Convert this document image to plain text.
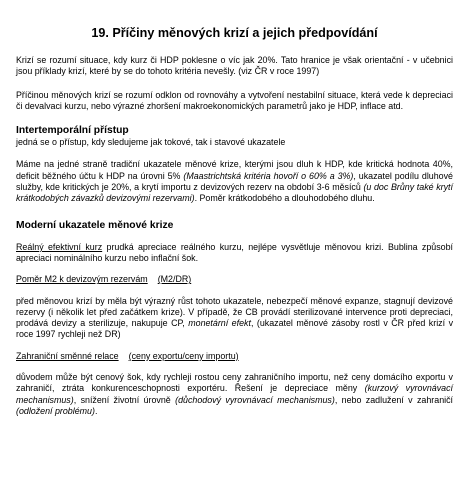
19. Příčiny měnových krizí a jejich předpovídání

Krizí se rozumí situace, kdy kurz či HDP poklesne o víc jak 20%. Tato hranice je však orientační - v učebnici jsou příklady krizí, které by se do tohoto kritéria nevešly. (viz ČR v roce 1997)

Příčinou měnových krizí se rozumí odklon od rovnováhy a vytvoření nestabilní situace, která vede k depreciaci či devalvaci kurzu, nebo výrazné zhoršení makroekonomických parametrů jako je HDP, inflace atd.

Intertemporální přístup

jedná se o přístup, kdy sledujeme jak tokové, tak i stavové ukazatele

Máme na jedné straně tradiční ukazatele měnové krize, kterými jsou dluh k HDP, kde kritická hodnota 40%, deficit běžného účtu k HDP na úrovni 5% (Maastrichtská kritéria hovoří o 60% a 3%), ukazatel podílu dluhové služby, kde kritických je 20%, a krytí importu z devizových rezerv na období 3-6 měsíců (u doc Brůny také krytí krátkodobých závazků devizovými rezervami). Poměr krátkodobého a dlouhodobého dluhu.

Moderní ukazatele měnové krize

Reálný efektivní kurz prudká apreciace reálného kurzu, nejlépe vysvětluje měnovou krizi. Bublina způsobí apreciaci nominálního kurzu nebo inflační šok.

Poměr M2 k devizovým rezervám (M2/DR)

před měnovou krizí by měla být výrazný růst tohoto ukazatele, nebezpečí měnové expanze, stagnují devizové rezervy (i několik let před začátkem krize). V případě, že CB provádí sterilizované intervence proti depreciaci, prodává devizy a sterilizuje, nakupuje CP, monetární efekt, (ukazatel měnové zásoby rostl v ČR před krizí v roce 1997 rychleji než DR)

Zahraniční směnné relace (ceny exportu/ceny importu)

důvodem může být cenový šok, kdy rychleji rostou ceny zahraničního importu, než ceny domácího exportu v zahraničí, ztráta konkurenceschopnosti exportéru. Řešení je depreciace měny (kurzový vyrovnávací mechanismus), snížení životní úrovně (důchodový vyrovnávací mechanismus), nebo zadlužení v zahraničí (odložení problému).
